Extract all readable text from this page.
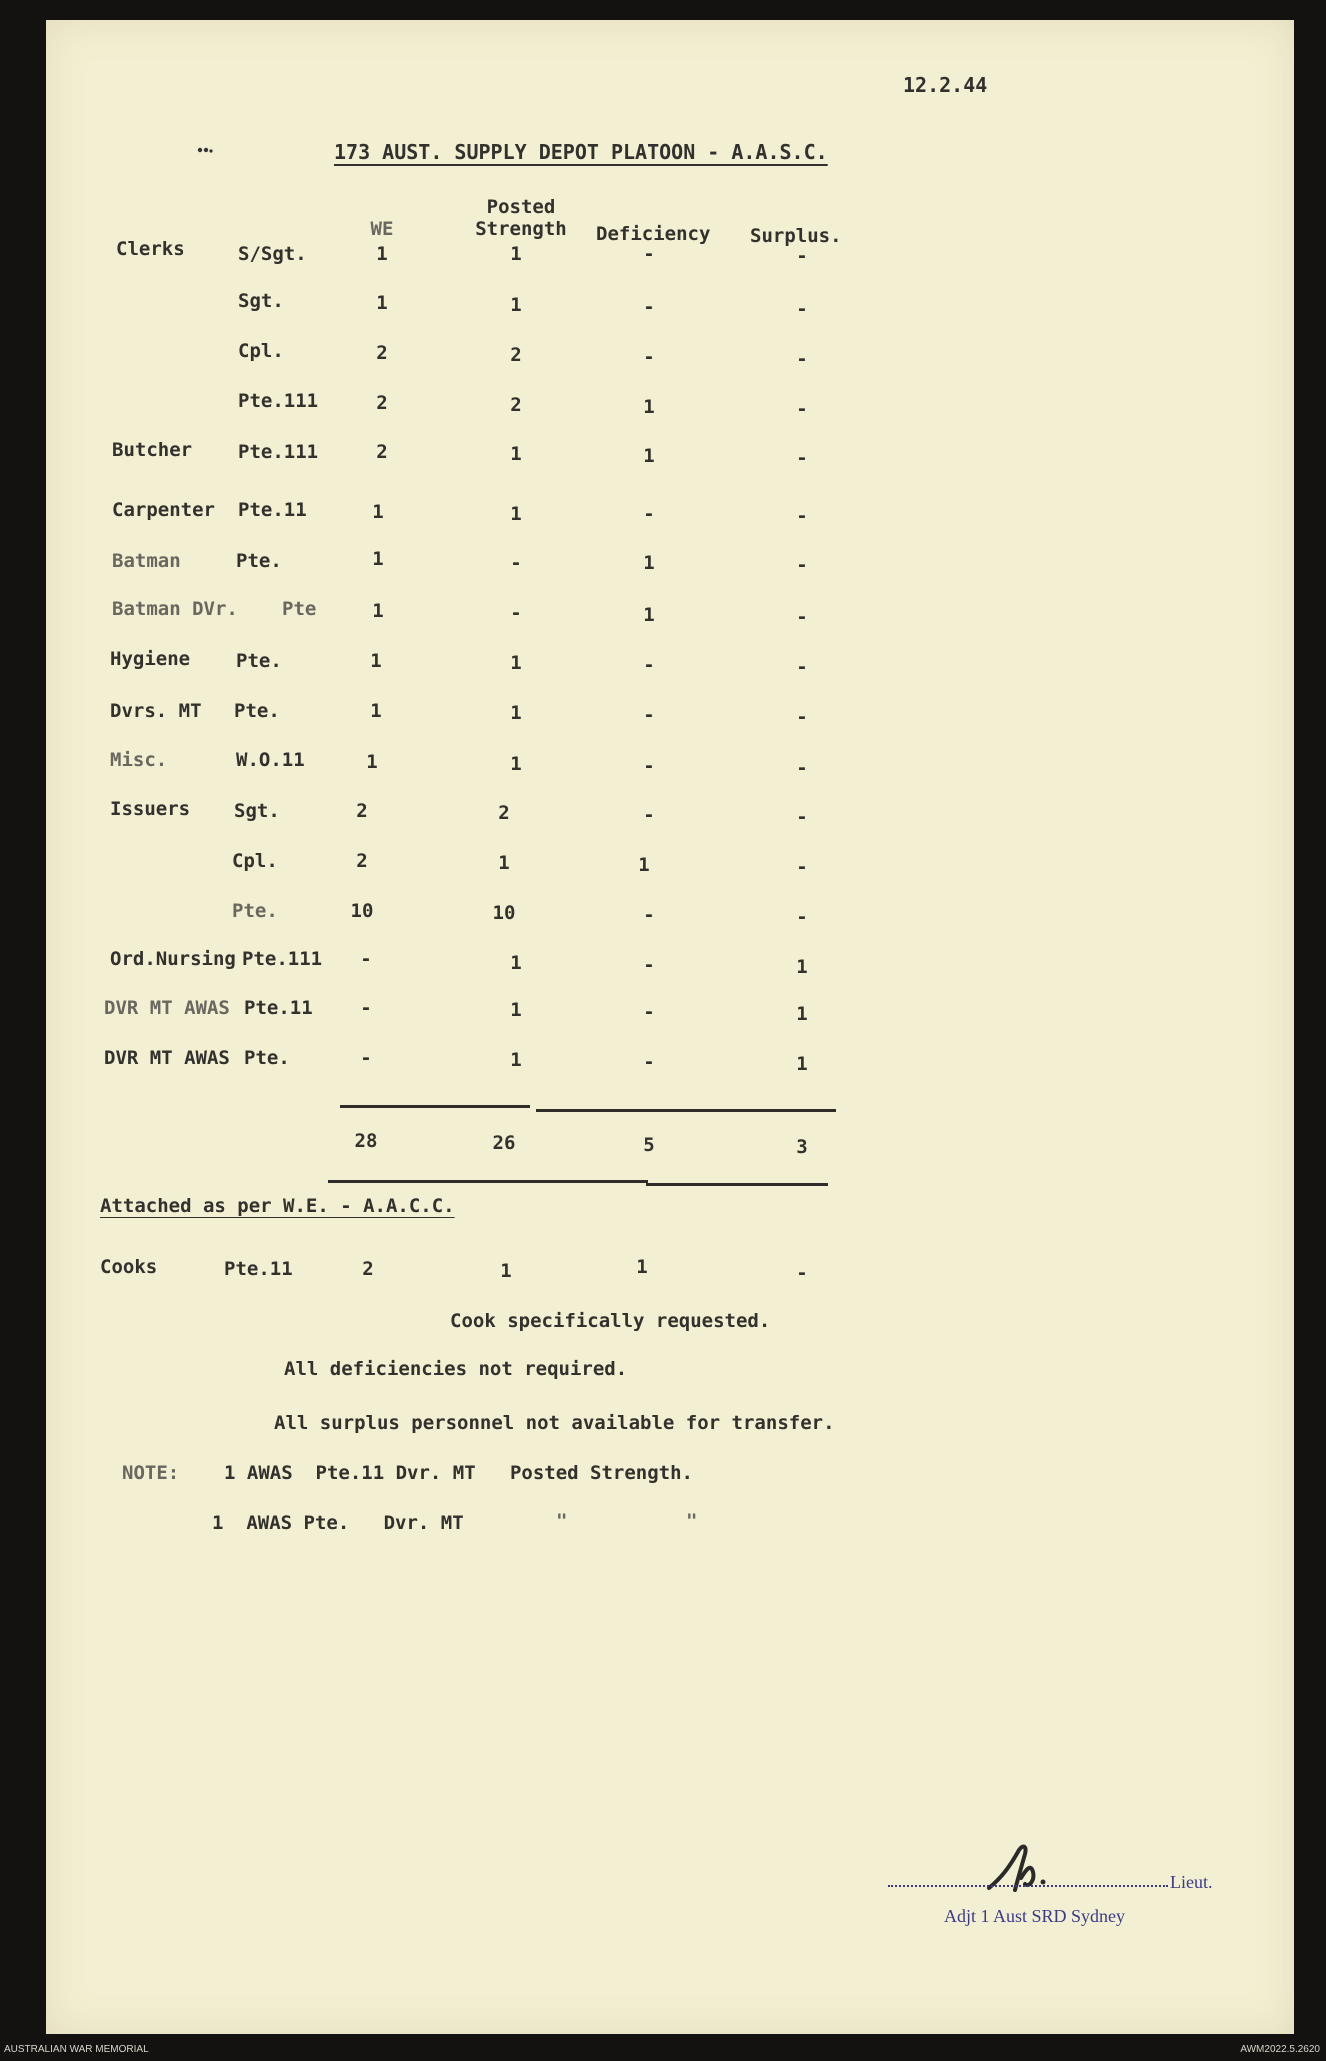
12.2.44
173 AUST. SUPPLY DEPOT PLATOON - A.A.S.C.
WE
Posted
Strength	Deficiency Surplus.
Clerks	S/Sgt.	1	1	-	-
Sgt.	1	1	-	-
Cpl.	2	2	-	-
Pte.111	2	2	1	-
Butcher Pte.111	2	1	1	-
Carpenter Pte.11	1	1	-	-
Batman	Pte.	1	-	1	-
Batman DVr. Pte	1	-	1	-
Hygiene Pte.	1	1	-	-
Dvrs. MT Pte.	1	1	-	-
Misc.	W.O.11	1	1	-	-
Issuers Sgt.	2	2	-	-
Cpl.	2	1	1	-
Pte.	10	10	-	-
Ord.Nursing Pte.111	-	1	-	1
DVR MT AWAS Pte.11	-	1	-	1
DVR MT AWAS Pte.	-	1	-	1
28	26	5	3
Attached as per W.E. - A.A.C.C.
Cooks	Pte.11	2	1	1	-
Cook specifically requested.
All deficiencies not required.
All surplus personnel not available for transfer.
NOTE: 1 AWAS  Pte.11 Dvr. MT   Posted Strength.
1  AWAS Pte.   Dvr. MT	"	"
Lieut.
Adjt 1 Aust SRD Sydney
AUSTRALIAN WAR MEMORIAL	AWM2022.5.2620
